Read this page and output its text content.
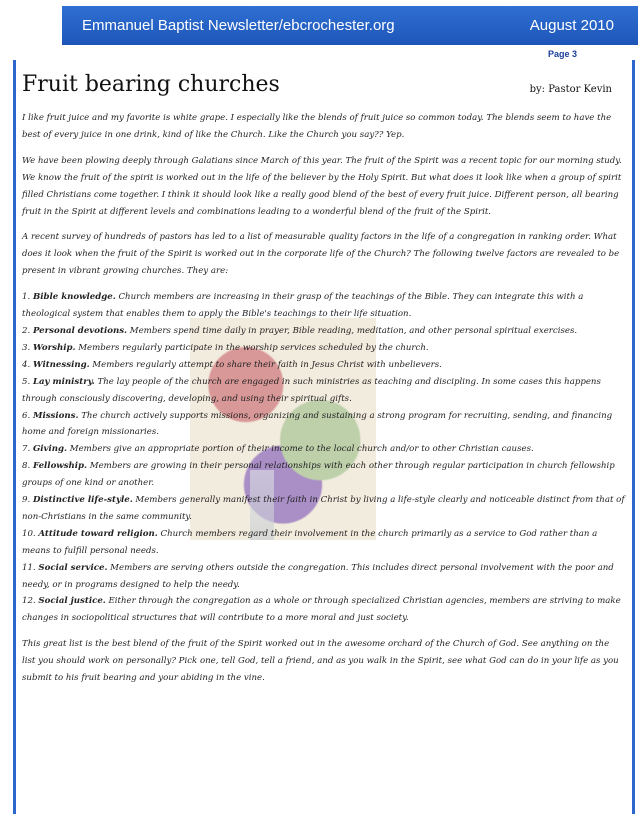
Emmanuel Baptist Newsletter/ebcrochester.org	August 2010
Page 3
Fruit bearing churches	by: Pastor Kevin

I like fruit juice and my favorite is white grape. I especially like the blends of fruit juice so common today. The blends seem to have the best of every juice in one drink, kind of like the Church. Like the Church you say?? Yep.

We have been plowing deeply through Galatians since March of this year. The fruit of the Spirit was a recent topic for our morning study. We know the fruit of the spirit is worked out in the life of the believer by the Holy Spirit. But what does it look like when a group of spirit filled Christians come together. I think it should look like a really good blend of the best of every fruit juice. Different person, all bearing fruit in the Spirit at different levels and combinations leading to a wonderful blend of the fruit of the Spirit.

A recent survey of hundreds of pastors has led to a list of measurable quality factors in the life of a congregation in ranking order. What does it look when the fruit of the Spirit is worked out in the corporate life of the Church? The following twelve factors are revealed to be present in vibrant growing churches. They are:

1. Bible knowledge. Church members are increasing in their grasp of the teachings of the Bible. They can integrate this with a theological system that enables them to apply the Bible's teachings to their life situation.
2. Personal devotions. Members spend time daily in prayer, Bible reading, meditation, and other personal spiritual exercises.
3. Worship. Members regularly participate in the worship services scheduled by the church.
4. Witnessing. Members regularly attempt to share their faith in Jesus Christ with unbelievers.
5. Lay ministry. The lay people of the church are engaged in such ministries as teaching and discipling. In some cases this happens through consciously discovering, developing, and using their spiritual gifts.
6. Missions. The church actively supports missions, organizing and sustaining a strong program for recruiting, sending, and financing home and foreign missionaries.
7. Giving. Members give an appropriate portion of their income to the local church and/or to other Christian causes.
8. Fellowship. Members are growing in their personal relationships with each other through regular participation in church fellowship groups of one kind or another.
9. Distinctive life-style. Members generally manifest their faith in Christ by living a life-style clearly and noticeable distinct from that of non-Christians in the same community.
10. Attitude toward religion. Church members regard their involvement in the church primarily as a service to God rather than a means to fulfill personal needs.
11. Social service. Members are serving others outside the congregation. This includes direct personal involvement with the poor and needy, or in programs designed to help the needy.
12. Social justice. Either through the congregation as a whole or through specialized Christian agencies, members are striving to make changes in sociopolitical structures that will contribute to a more moral and just society.

This great list is the best blend of the fruit of the Spirit worked out in the awesome orchard of the Church of God. See anything on the list you should work on personally? Pick one, tell God, tell a friend, and as you walk in the Spirit, see what God can do in your life as you submit to his fruit bearing and your abiding in the vine.
